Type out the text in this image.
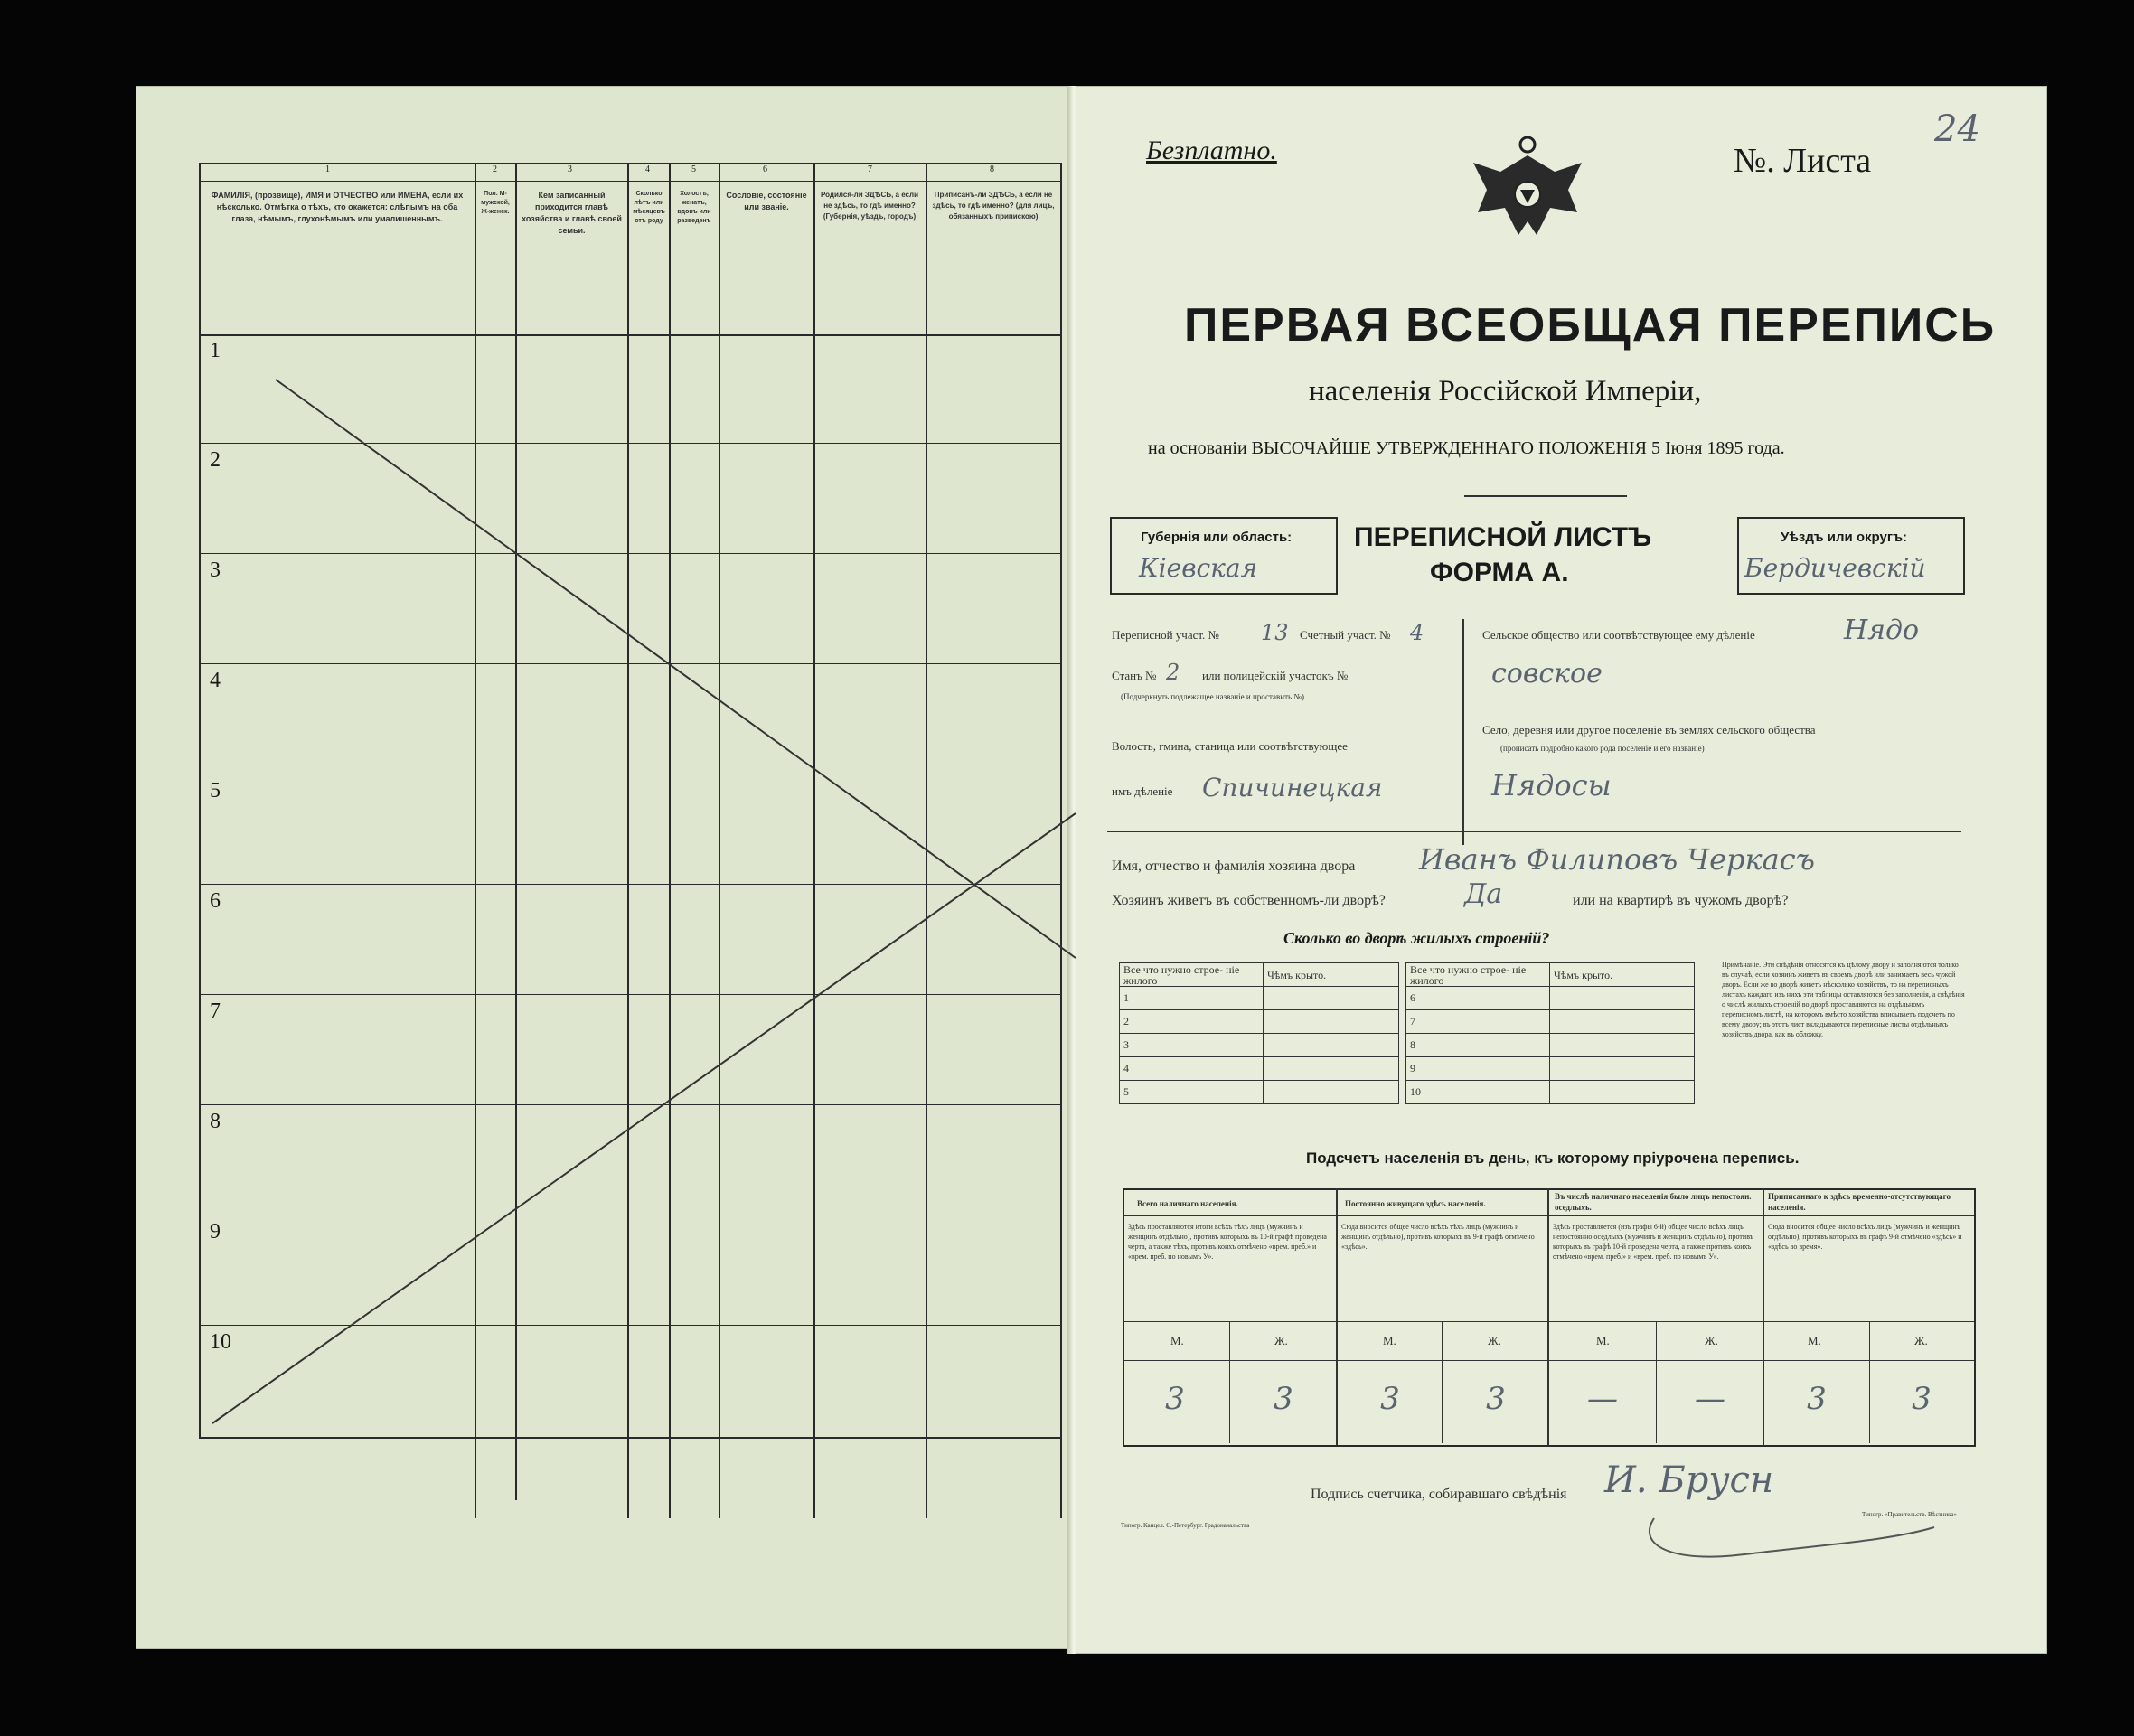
1	2	3	4	5	6	7	8
ФАМИЛІЯ, (прозвище), ИМЯ и ОТЧЕСТВО или ИМЕНА, если их нѣсколько. Отмѣтка о тѣхъ, кто окажется: слѣпымъ на оба глаза, нѣмымъ, глухонѣмымъ или умалишеннымъ.
Пол. М-мужской, Ж-женск.
Кем записанный приходится главѣ хозяйства и главѣ своей семьи.
Сколько лѣтъ или мѣсяцевъ отъ роду
Холостъ, женатъ, вдовъ или разведенъ
Сословіе, состояніе или званіе.
Родился-ли ЗДѢСЬ, а если не здѣсь, то гдѣ именно? (Губернія, уѣздъ, городъ)
Приписанъ-ли ЗДѢСЬ, а если не здѣсь, то гдѣ именно? (для лицъ, обязанныхъ припискою)
1
2
3
4
5
6
7
8
9
10
Безплатно.	№. Листа
24
ПЕРВАЯ ВСЕОБЩАЯ ПЕРЕПИСЬ
населенія Россійской Имперіи,
на основаніи ВЫСОЧАЙШЕ УТВЕРЖДЕННАГО ПОЛОЖЕНІЯ 5 Іюня 1895 года.
Губернія или область:
Кіевская
ПЕРЕПИСНОЙ ЛИСТЪ
ФОРМА А.
Уѣздъ или округъ:
Бердичевскій
Переписной участ. № 13 Счетный участ. № 4
Станъ № 2 или полицейскій участокъ №
(Подчеркнуть подлежащее названіе и проставить №)
Волость, гмина, станица или соотвѣтствующее
имъ дѣленіе Спичинецкая
Сельское общество или соотвѣтствующее ему дѣленіе	Нядо
совское
Село, деревня или другое поселеніе въ землях сельского общества
(прописать подробно какого рода поселеніе и его названіе)
Нядосы
Имя, отчество и фамилія хозяина двора Иванъ Филиповъ Черкасъ
Хозяинъ живетъ въ собственномъ-ли дворѣ?	Да	или на квартирѣ въ чужомъ дворѣ?
Сколько во дворѣ жилыхъ строеній?
Все что нужно строе- ніе жилого	Чѣмъ крыто.
1	
2	
3	
4	
5	
Все что нужно строе- ніе жилого	Чѣмъ крыто.
6	
7	
8	
9	
10	
Примѣчаніе. Эти свѣдѣнія относятся къ цѣлому двору и заполняются только въ случаѣ, если хозяинъ живетъ въ своемъ дворѣ или занимаетъ весь чужой дворъ. Если же во дворѣ живетъ нѣсколько хозяйствъ, то на переписныхъ листахъ каждаго изъ нихъ эти таблицы оставляются без заполненія, а свѣдѣнія о числѣ жилыхъ строеній во дворѣ проставляются на отдѣльномъ переписномъ листѣ, на которомъ вмѣсто хозяйства вписываетъ подсчетъ по всему двору; въ этотъ лист вкладываются переписные листы отдѣльныхъ хозяйствъ двора, как въ обложку.
Подсчетъ населенія въ день, къ которому пріурочена перепись.
Всего наличнаго населенія.
Здѣсь проставляются итоги всѣхъ тѣхъ лицъ (мужчинъ и женщинъ отдѣльно), противъ которыхъ въ 10-й графѣ проведена черта, а также тѣхъ, противъ коихъ отмѣчено «врем. преб.» и «врем. преб. по новымъ У».
Постоянно живущаго здѣсь населенія.
Сюда вносится общее число всѣхъ тѣхъ лицъ (мужчинъ и женщинъ отдѣльно), противъ которыхъ въ 9-й графѣ отмѣчено «здѣсь».
Въ числѣ наличнаго населенія было лицъ непостоян. оседлыхъ.
Здѣсь проставляется (изъ графы 6-й) общее число всѣхъ лицъ непостоянно оседлыхъ (мужчинъ и женщинъ отдѣльно), противъ которыхъ въ графѣ 10-й проведена черта, а также противъ коихъ отмѣчено «врем. преб.» и «врем. преб. по новымъ У».
Приписаннаго к здѣсь временно-отсутствующаго населенія.
Сюда вносится общее число всѣхъ лицъ (мужчинъ и женщинъ отдѣльно), противъ которыхъ въ графѣ 9-й отмѣчено «здѣсь» и «здѣсь во время».
М.	Ж.	М.	Ж.	М.	Ж.	М.	Ж.
3	3	3	3	—	—	3	3
Подпись счетчика, собиравшаго свѣдѣнія И. Брусн
Типогр. Канцел. С.-Петербург. Градоначальства
Типогр. «Правительств. Вѣстника»
